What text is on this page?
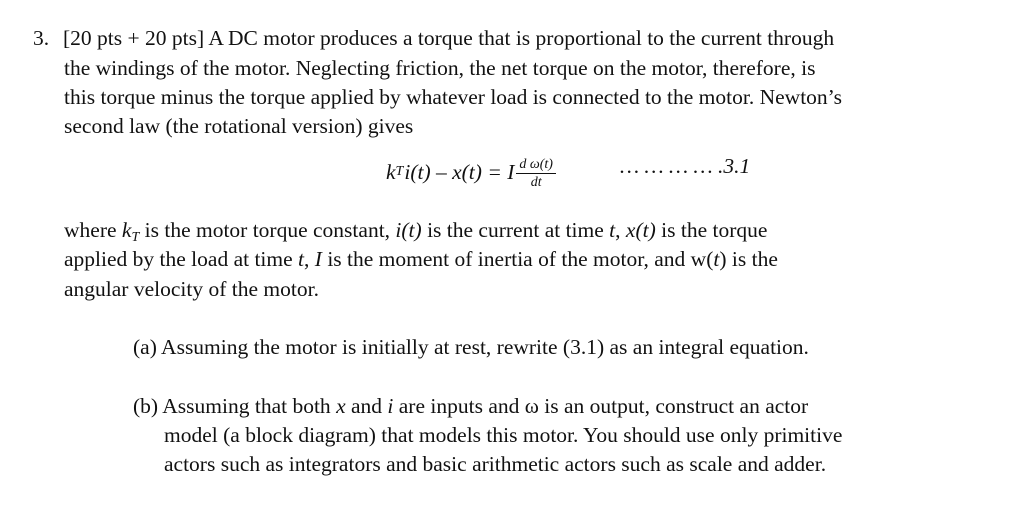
3. [20 pts + 20 pts] A DC motor produces a torque that is proportional to the current through
the windings of the motor. Neglecting friction, the net torque on the motor, therefore, is
this torque minus the torque applied by whatever load is connected to the motor. Newton’s
second law (the rotational version) gives
k T i(t) – x(t) = I $\frac{\text{d ω(t)}}{dt}$	… … … … .3.1
where $k_T$ is the motor torque constant, i(t) is the current at time t, x(t) is the torque
applied by the load at time t, I is the moment of inertia of the motor, and w(t) is the
angular velocity of the motor.
(a) Assuming the motor is initially at rest, rewrite (3.1) as an integral equation.
(b) Assuming that both x and i are inputs and ω is an output, construct an actor
model (a block diagram) that models this motor. You should use only primitive
actors such as integrators and basic arithmetic actors such as scale and adder.
